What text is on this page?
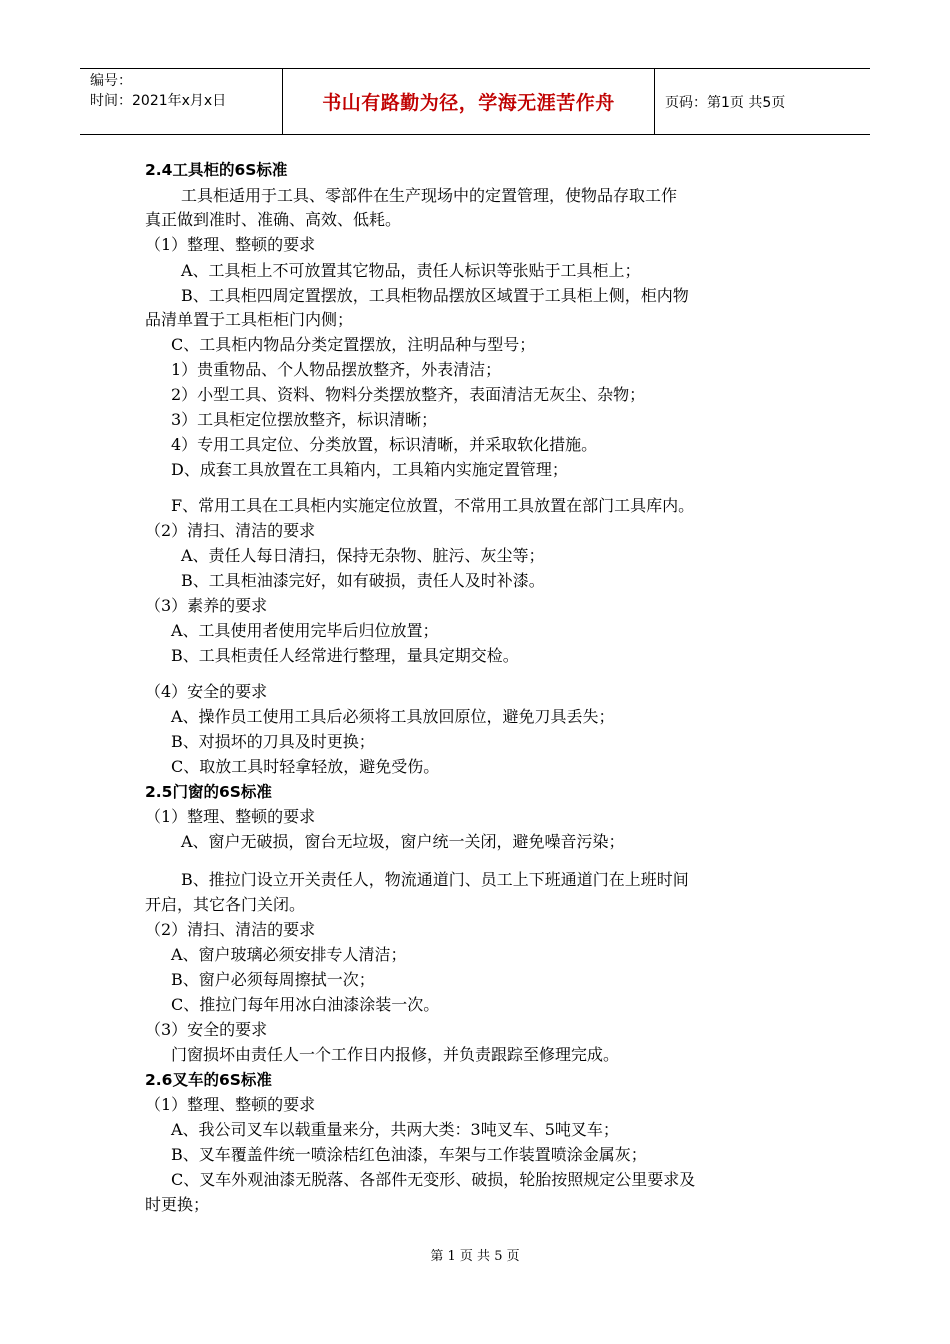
编号：
时间：2021年x月x日	书山有路勤为径，学海无涯苦作舟	页码：第1页 共5页
2.4工具柜的6S标准
工具柜适用于工具、零部件在生产现场中的定置管理，使物品存取工作
真正做到准时、准确、高效、低耗。
（1）整理、整顿的要求
A、工具柜上不可放置其它物品，责任人标识等张贴于工具柜上；
B、工具柜四周定置摆放，工具柜物品摆放区域置于工具柜上侧，柜内物
品清单置于工具柜柜门内侧；
C、工具柜内物品分类定置摆放，注明品种与型号；
1）贵重物品、个人物品摆放整齐，外表清洁；
2）小型工具、资料、物料分类摆放整齐，表面清洁无灰尘、杂物；
3）工具柜定位摆放整齐，标识清晰；
4）专用工具定位、分类放置，标识清晰，并采取软化措施。
D、成套工具放置在工具箱内，工具箱内实施定置管理；
F、常用工具在工具柜内实施定位放置，不常用工具放置在部门工具库内。
（2）清扫、清洁的要求
A、责任人每日清扫，保持无杂物、脏污、灰尘等；
B、工具柜油漆完好，如有破损，责任人及时补漆。
（3）素养的要求
A、工具使用者使用完毕后归位放置；
B、工具柜责任人经常进行整理，量具定期交检。
（4）安全的要求
A、操作员工使用工具后必须将工具放回原位，避免刀具丢失；
B、对损坏的刀具及时更换；
C、取放工具时轻拿轻放，避免受伤。
2.5门窗的6S标准
（1）整理、整顿的要求
A、窗户无破损，窗台无垃圾，窗户统一关闭，避免噪音污染；
B、推拉门设立开关责任人，物流通道门、员工上下班通道门在上班时间
开启，其它各门关闭。
（2）清扫、清洁的要求
A、窗户玻璃必须安排专人清洁；
B、窗户必须每周擦拭一次；
C、推拉门每年用冰白油漆涂装一次。
（3）安全的要求
门窗损坏由责任人一个工作日内报修，并负责跟踪至修理完成。
2.6叉车的6S标准
（1）整理、整顿的要求
A、我公司叉车以载重量来分，共两大类：3吨叉车、5吨叉车；
B、叉车覆盖件统一喷涂桔红色油漆，车架与工作装置喷涂金属灰；
C、叉车外观油漆无脱落、各部件无变形、破损，轮胎按照规定公里要求及
时更换；
第 1 页 共 5 页
